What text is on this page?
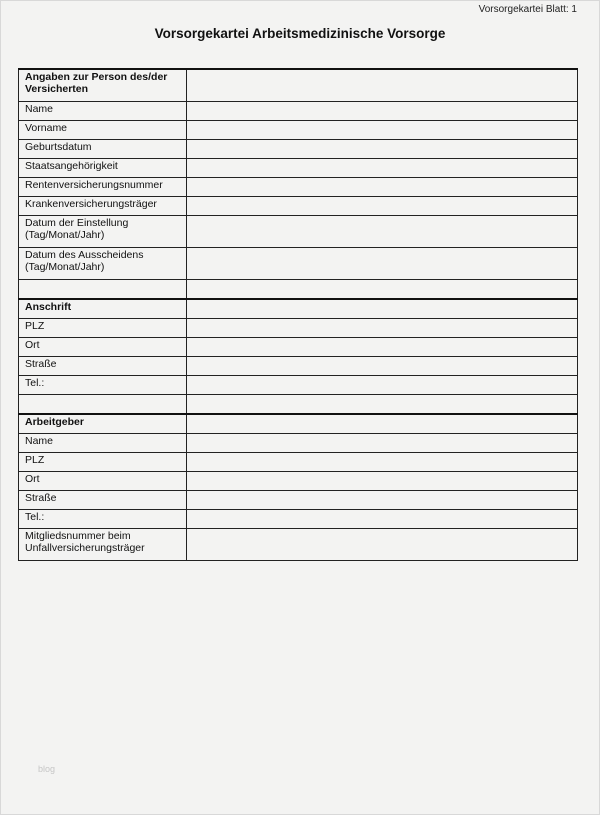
Vorsorgekartei Blatt: 1
Vorsorgekartei Arbeitsmedizinische Vorsorge
Angaben zur Person des/der Versicherten	
Name	
Vorname	
Geburtsdatum	
Staatsangehörigkeit	
Rentenversicherungsnummer	
Krankenversicherungsträger	
Datum der Einstellung (Tag/Monat/Jahr)	
Datum des Ausscheidens (Tag/Monat/Jahr)	

Anschrift	
PLZ	
Ort	
Straße	
Tel.:	

Arbeitgeber	
Name	
PLZ	
Ort	
Straße	
Tel.:	
Mitgliedsnummer beim Unfallversicherungsträger	
blog
